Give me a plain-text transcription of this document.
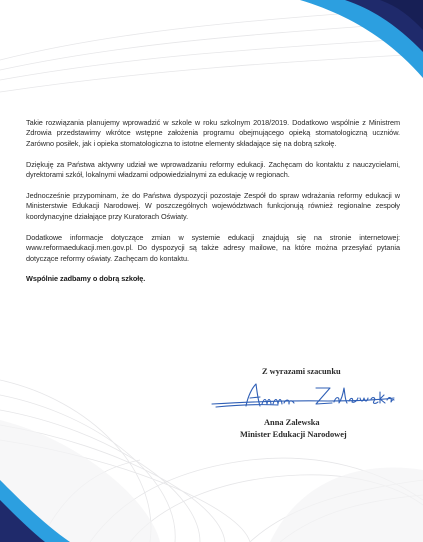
Takie rozwiązania planujemy wprowadzić w szkole w roku szkolnym 2018/2019. Dodatkowo wspólnie z Ministrem Zdrowia przedstawimy wkrótce wstępne założenia programu obejmującego opieką stomatologiczną uczniów. Zarówno posiłek, jak i opieka stomatologiczna to istotne elementy składające się na dobrą szkołę.

Dziękuję za Państwa aktywny udział we wprowadzaniu reformy edukacji. Zachęcam do kontaktu z nauczycielami, dyrektorami szkół, lokalnymi władzami odpowiedzialnymi za edukację w regionach.

Jednocześnie przypominam, że do Państwa dyspozycji pozostaje Zespół do spraw wdrażania reformy edukacji w Ministerstwie Edukacji Narodowej. W poszczególnych województwach funkcjonują również regionalne zespoły koordynacyjne działające przy Kuratorach Oświaty.

Dodatkowe informacje dotyczące zmian w systemie edukacji znajdują się na stronie internetowej: www.reformaedukacji.men.gov.pl. Do dyspozycji są także adresy mailowe, na które można przesyłać pytania dotyczące reformy oświaty. Zachęcam do kontaktu.

Wspólnie zadbamy o dobrą szkołę.

Z wyrazami szacunku
Anna Zalewska
Minister Edukacji Narodowej
